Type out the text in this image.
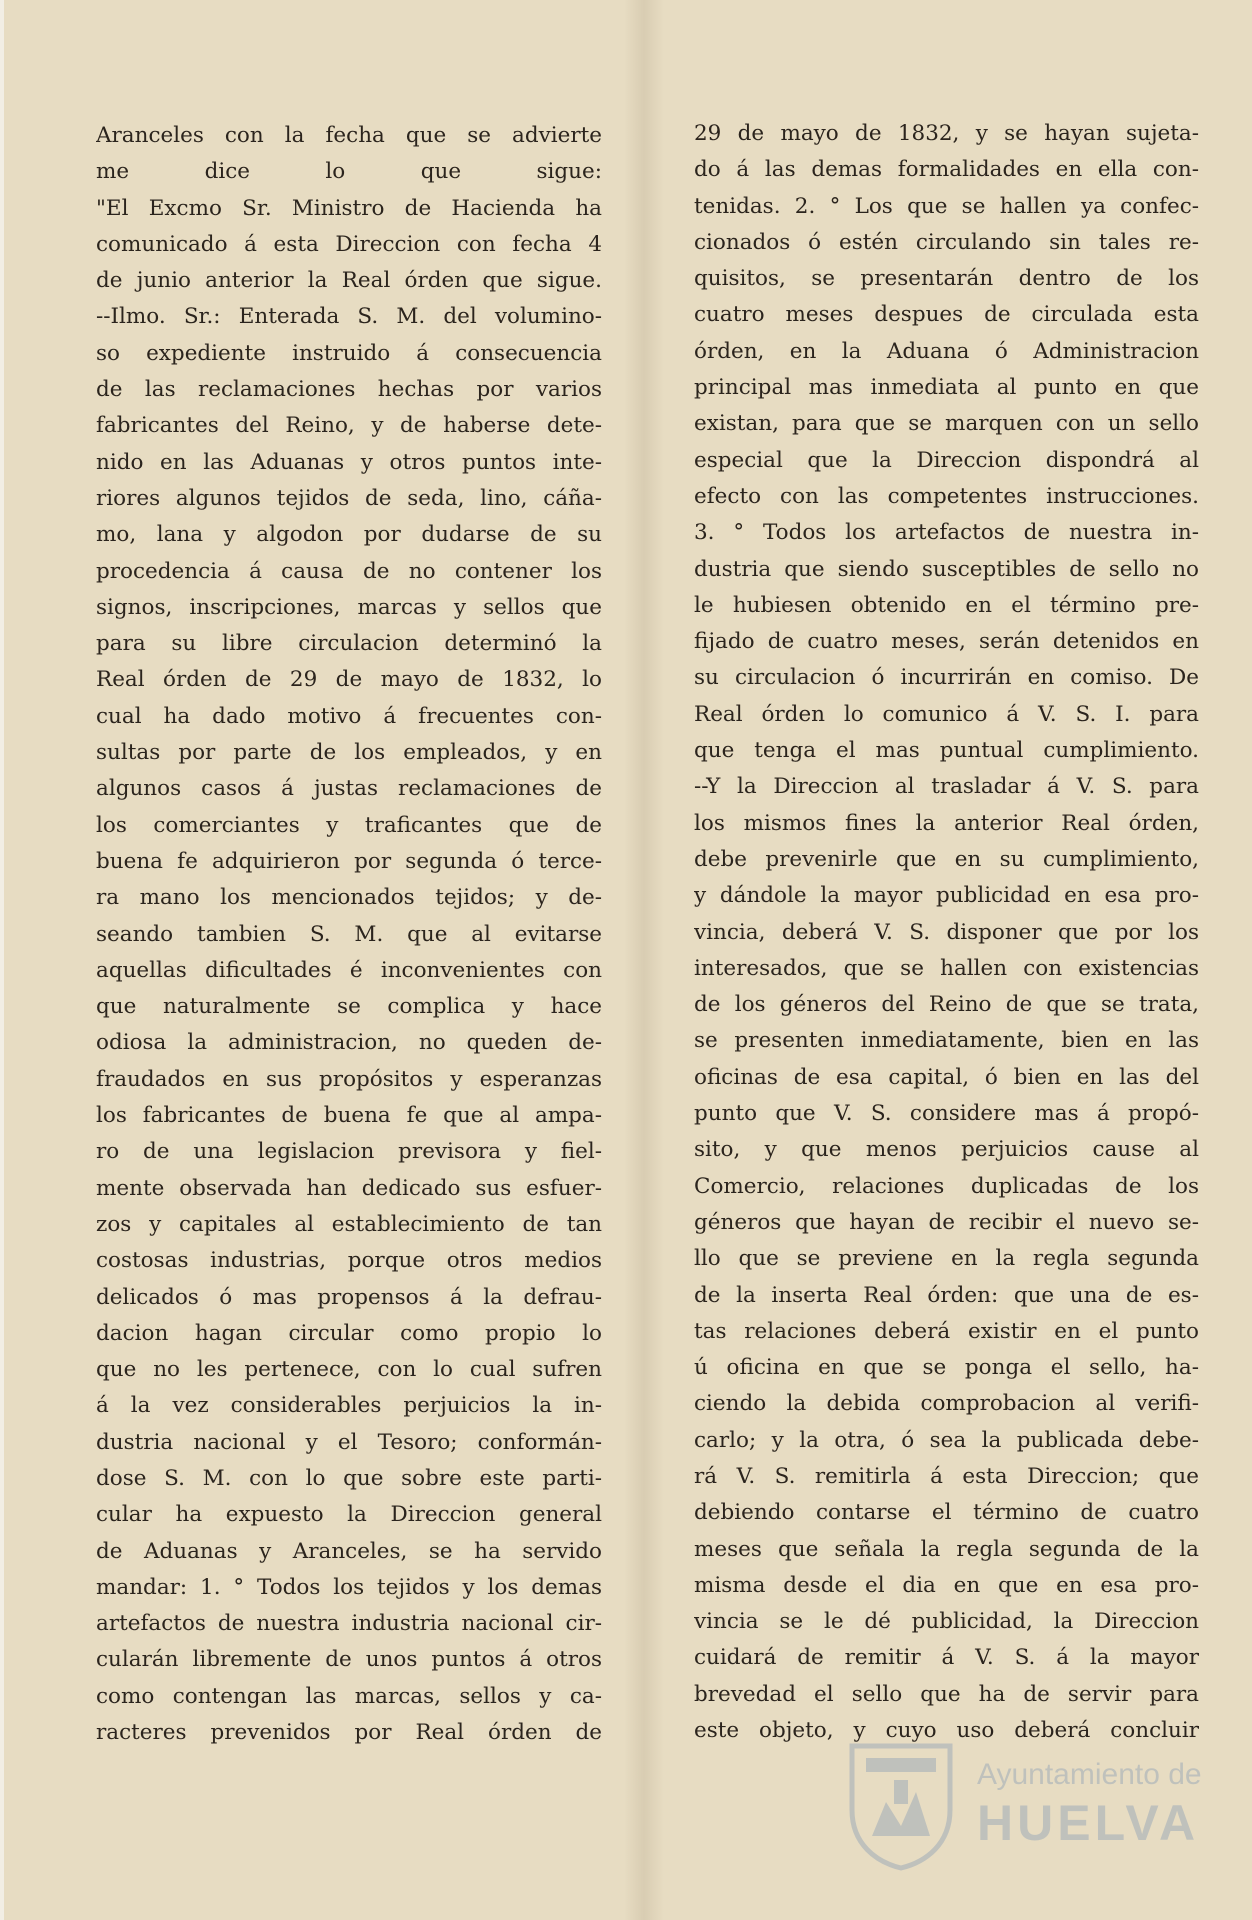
Aranceles con la fecha que se advierte
me dice lo que sigue:
"El Excmo Sr. Ministro de Hacienda ha
comunicado á esta Direccion con fecha 4
de junio anterior la Real órden que sigue.
--Ilmo. Sr.: Enterada S. M. del volumino-
so expediente instruido á consecuencia
de las reclamaciones hechas por varios
fabricantes del Reino, y de haberse dete-
nido en las Aduanas y otros puntos inte-
riores algunos tejidos de seda, lino, cáña-
mo, lana y algodon por dudarse de su
procedencia á causa de no contener los
signos, inscripciones, marcas y sellos que
para su libre circulacion determinó la
Real órden de 29 de mayo de 1832, lo
cual ha dado motivo á frecuentes con-
sultas por parte de los empleados, y en
algunos casos á justas reclamaciones de
los comerciantes y traficantes que de
buena fe adquirieron por segunda ó terce-
ra mano los mencionados tejidos; y de-
seando tambien S. M. que al evitarse
aquellas dificultades é inconvenientes con
que naturalmente se complica y hace
odiosa la administracion, no queden de-
fraudados en sus propósitos y esperanzas
los fabricantes de buena fe que al ampa-
ro de una legislacion previsora y fiel-
mente observada han dedicado sus esfuer-
zos y capitales al establecimiento de tan
costosas industrias, porque otros medios
delicados ó mas propensos á la defrau-
dacion hagan circular como propio lo
que no les pertenece, con lo cual sufren
á la vez considerables perjuicios la in-
dustria nacional y el Tesoro; conformán-
dose S. M. con lo que sobre este parti-
cular ha expuesto la Direccion general
de Aduanas y Aranceles, se ha servido
mandar: 1. ° Todos los tejidos y los demas
artefactos de nuestra industria nacional cir-
cularán libremente de unos puntos á otros
como contengan las marcas, sellos y ca-
racteres prevenidos por Real órden de
29 de mayo de 1832, y se hayan sujeta-
do á las demas formalidades en ella con-
tenidas. 2. ° Los que se hallen ya confec-
cionados ó estén circulando sin tales re-
quisitos, se presentarán dentro de los
cuatro meses despues de circulada esta
órden, en la Aduana ó Administracion
principal mas inmediata al punto en que
existan, para que se marquen con un sello
especial que la Direccion dispondrá al
efecto con las competentes instrucciones.
3. ° Todos los artefactos de nuestra in-
dustria que siendo susceptibles de sello no
le hubiesen obtenido en el término pre-
fijado de cuatro meses, serán detenidos en
su circulacion ó incurrirán en comiso. De
Real órden lo comunico á V. S. I. para
que tenga el mas puntual cumplimiento.
--Y la Direccion al trasladar á V. S. para
los mismos fines la anterior Real órden,
debe prevenirle que en su cumplimiento,
y dándole la mayor publicidad en esa pro-
vincia, deberá V. S. disponer que por los
interesados, que se hallen con existencias
de los géneros del Reino de que se trata,
se presenten inmediatamente, bien en las
oficinas de esa capital, ó bien en las del
punto que V. S. considere mas á propó-
sito, y que menos perjuicios cause al
Comercio, relaciones duplicadas de los
géneros que hayan de recibir el nuevo se-
llo que se previene en la regla segunda
de la inserta Real órden: que una de es-
tas relaciones deberá existir en el punto
ú oficina en que se ponga el sello, ha-
ciendo la debida comprobacion al verifi-
carlo; y la otra, ó sea la publicada debe-
rá V. S. remitirla á esta Direccion; que
debiendo contarse el término de cuatro
meses que señala la regla segunda de la
misma desde el dia en que en esa pro-
vincia se le dé publicidad, la Direccion
cuidará de remitir á V. S. á la mayor
brevedad el sello que ha de servir para
este objeto, y cuyo uso deberá concluir
Ayuntamiento de
HUELVA
